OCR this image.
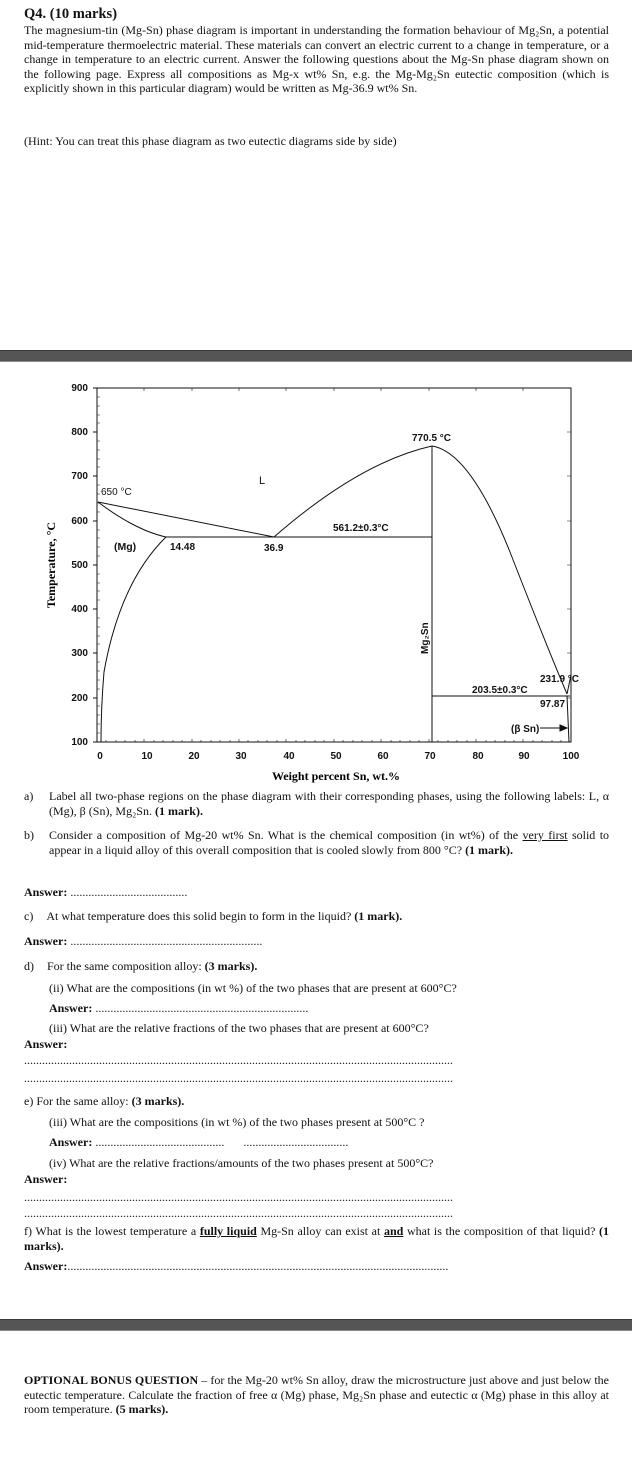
Q4. (10 marks)
The magnesium-tin (Mg-Sn) phase diagram is important in understanding the formation behaviour of Mg₂Sn, a potential mid-temperature thermoelectric material. These materials can convert an electric current to a change in temperature, or a change in temperature to an electric current. Answer the following questions about the Mg-Sn phase diagram shown on the following page. Express all compositions as Mg-x wt% Sn, e.g. the Mg-Mg₂Sn eutectic composition (which is explicitly shown in this particular diagram) would be written as Mg-36.9 wt% Sn.
(Hint: You can treat this phase diagram as two eutectic diagrams side by side)
900
800
700
600
500
400
300
200
100
0	10	20	30	40	50	60	70	80	90	100
Weight percent Sn, wt.%
Temperature, °C
650 °C
L
(Mg)	14.48	36.9
561.2±0.3°C
770.5 °C
Mg₂Sn
231.9 °C
203.5±0.3°C
97.87
(β Sn)
a) Label all two-phase regions on the phase diagram with their corresponding phases, using the following labels: L, α (Mg), β (Sn), Mg₂Sn. (1 mark).
b) Consider a composition of Mg-20 wt% Sn. What is the chemical composition (in wt%) of the very first solid to appear in a liquid alloy of this overall composition that is cooled slowly from 800 °C? (1 mark).
Answer: .......................................
c) At what temperature does this solid begin to form in the liquid? (1 mark).
Answer: ................................................................
d) For the same composition alloy: (3 marks).
(ii) What are the compositions (in wt %) of the two phases that are present at 600°C?
Answer: .......................................................................
(iii) What are the relative fractions of the two phases that are present at 600°C?
Answer:
...............................................................................................................................................
...............................................................................................................................................
e) For the same alloy: (3 marks).
(iii) What are the compositions (in wt %) of the two phases present at 500°C ?
Answer: ........................................... ...................................
(iv) What are the relative fractions/amounts of the two phases present at 500°C?
Answer:
...............................................................................................................................................
...............................................................................................................................................
f) What is the lowest temperature a fully liquid Mg-Sn alloy can exist at and what is the composition of that liquid? (1 marks).
Answer:...............................................................................................................................
OPTIONAL BONUS QUESTION – for the Mg-20 wt% Sn alloy, draw the microstructure just above and just below the eutectic temperature. Calculate the fraction of free α (Mg) phase, Mg₂Sn phase and eutectic α (Mg) phase in this alloy at room temperature. (5 marks).
